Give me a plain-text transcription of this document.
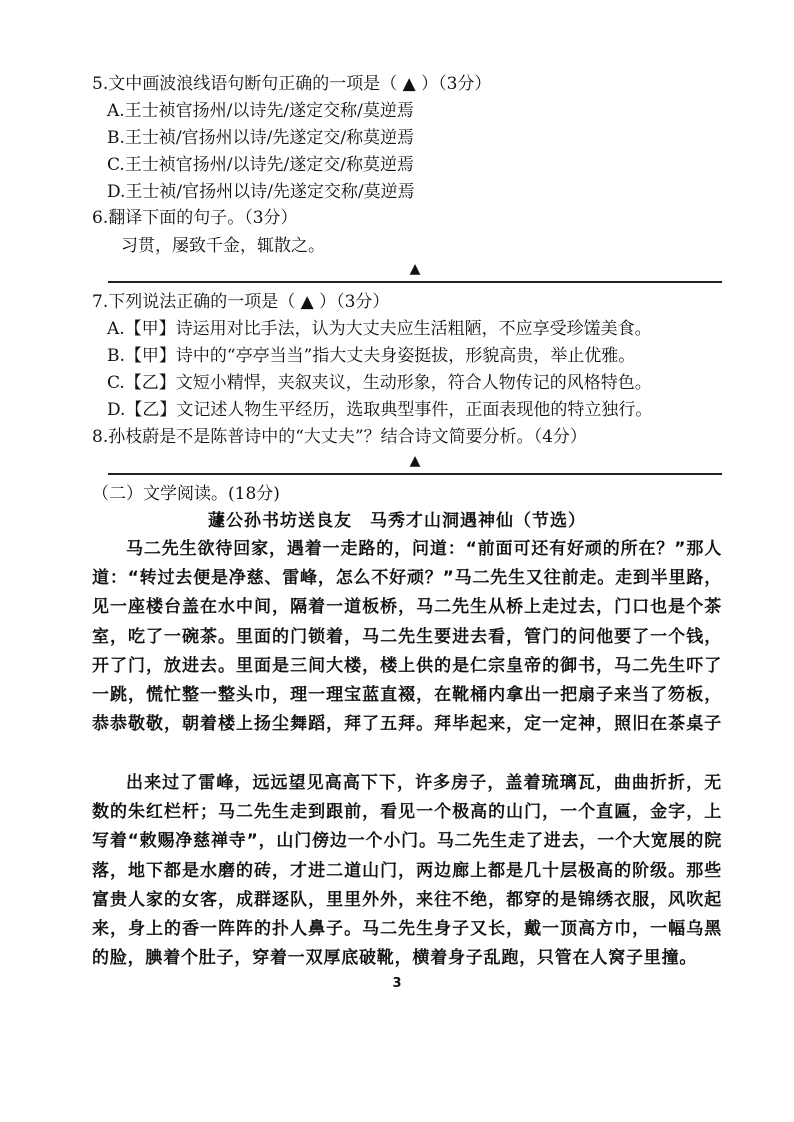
5.文中画波浪线语句断句正确的一项是（ ▲ ）（3分）
A.王士祯官扬州/以诗先/遂定交称/莫逆焉
B.王士祯/官扬州以诗/先遂定交/称莫逆焉
C.王士祯官扬州/以诗先/遂定交/称莫逆焉
D.王士祯/官扬州以诗/先遂定交称/莫逆焉
6.翻译下面的句子。（3分）
习贯，屡致千金，辄散之。
▲
7.下列说法正确的一项是（ ▲ ）（3分）
A.【甲】诗运用对比手法，认为大丈夫应生活粗陋，不应享受珍馐美食。
B.【甲】诗中的“亭亭当当”指大丈夫身姿挺拔，形貌高贵，举止优雅。
C.【乙】文短小精悍，夹叙夹议，生动形象，符合人物传记的风格特色。
D.【乙】文记述人物生平经历，选取典型事件，正面表现他的特立独行。
8.孙枝蔚是不是陈普诗中的“大丈夫”？结合诗文简要分析。（4分）
▲
（二）文学阅读。(18分)
蘧公孙书坊送良友　马秀才山洞遇神仙（节选）
马二先生欲待回家，遇着一走路的，问道：“前面可还有好顽的所在？”那人道：“转过去便是净慈、雷峰，怎么不好顽？”马二先生又往前走。走到半里路，见一座楼台盖在水中间，隔着一道板桥，马二先生从桥上走过去，门口也是个茶室，吃了一碗茶。里面的门锁着，马二先生要进去看，管门的问他要了一个钱，开了门，放进去。里面是三间大楼，楼上供的是仁宗皇帝的御书，马二先生吓了一跳，慌忙整一整头巾，理一理宝蓝直裰，在靴桶内拿出一把扇子来当了笏板，恭恭敬敬，朝着楼上扬尘舞蹈，拜了五拜。拜毕起来，定一定神，照旧在茶桌子
出来过了雷峰，远远望见高高下下，许多房子，盖着琉璃瓦，曲曲折折，无数的朱红栏杆；马二先生走到跟前，看见一个极高的山门，一个直匾，金字，上写着“敕赐净慈禅寺”，山门傍边一个小门。马二先生走了进去，一个大宽展的院落，地下都是水磨的砖，才进二道山门，两边廊上都是几十层极高的阶级。那些富贵人家的女客，成群逐队，里里外外，来往不绝，都穿的是锦绣衣服，风吹起来，身上的香一阵阵的扑人鼻子。马二先生身子又长，戴一顶高方巾，一幅乌黑的脸，腆着个肚子，穿着一双厚底破靴，横着身子乱跑，只管在人窝子里撞。
3
